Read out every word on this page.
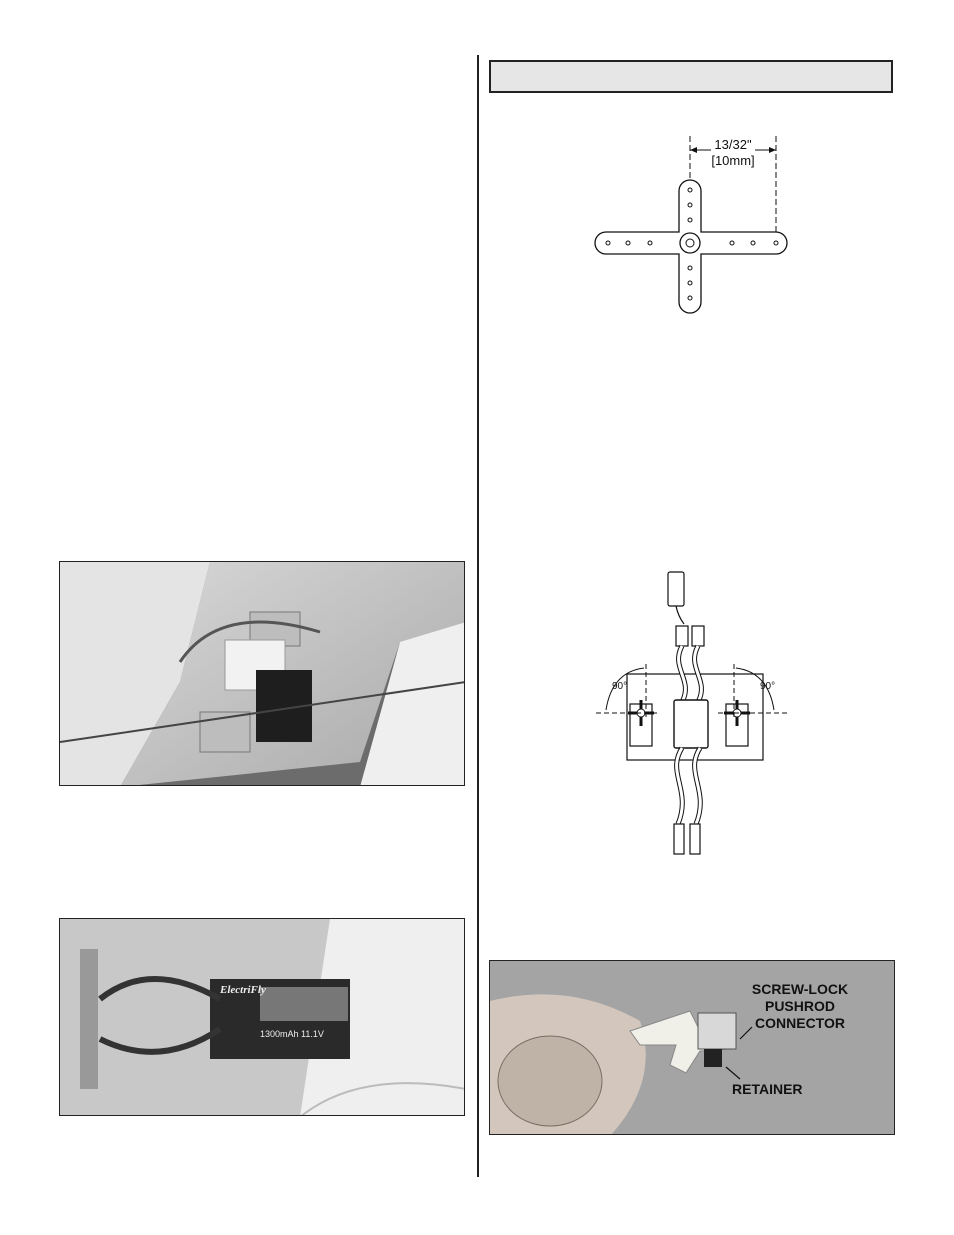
13/32"
[10mm]
90°	90°
ElectriFly
1300mAh 11.1V
SCREW-LOCK
PUSHROD
CONNECTOR
RETAINER
